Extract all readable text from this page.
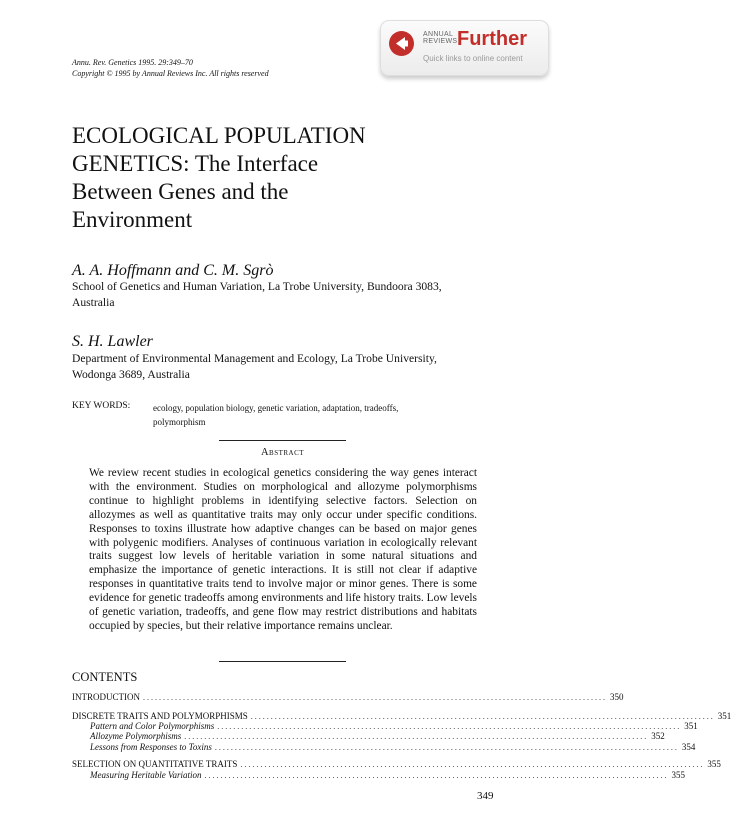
ANNUAL
REVIEWS Further
Quick links to online content
Annu. Rev. Genetics 1995. 29:349–70
Copyright © 1995 by Annual Reviews Inc. All rights reserved
ECOLOGICAL POPULATION
GENETICS: The Interface
Between Genes and the
Environment
A. A. Hoffmann and C. M. Sgrò
School of Genetics and Human Variation, La Trobe University, Bundoora 3083,
Australia
S. H. Lawler
Department of Environmental Management and Ecology, La Trobe University,
Wodonga 3689, Australia
KEY WORDS:	ecology, population biology, genetic variation, adaptation, tradeoffs, polymorphism
Abstract
We review recent studies in ecological genetics considering the way genes interact with the environment. Studies on morphological and allozyme polymorphisms continue to highlight problems in identifying selective factors. Selection on allozymes as well as quantitative traits may only occur under specific conditions. Responses to toxins illustrate how adaptive changes can be based on major genes with polygenic modifiers. Analyses of continuous variation in ecologically relevant traits suggest low levels of heritable variation in some natural situations and emphasize the importance of genetic interactions. It is still not clear if adaptive responses in quantitative traits tend to involve major or minor genes. There is some evidence for genetic tradeoffs among environments and life history traits. Low levels of genetic variation, tradeoffs, and gene flow may restrict distributions and habitats occupied by species, but their relative importance remains unclear.
CONTENTS
INTRODUCTION .................................................................................................................... 350
DISCRETE TRAITS AND POLYMORPHISMS .................................................................................................................... 351
Pattern and Color Polymorphisms .................................................................................................................... 351
Allozyme Polymorphisms .................................................................................................................... 352
Lessons from Responses to Toxins .................................................................................................................... 354
SELECTION ON QUANTITATIVE TRAITS .................................................................................................................... 355
Measuring Heritable Variation .................................................................................................................... 355
349
